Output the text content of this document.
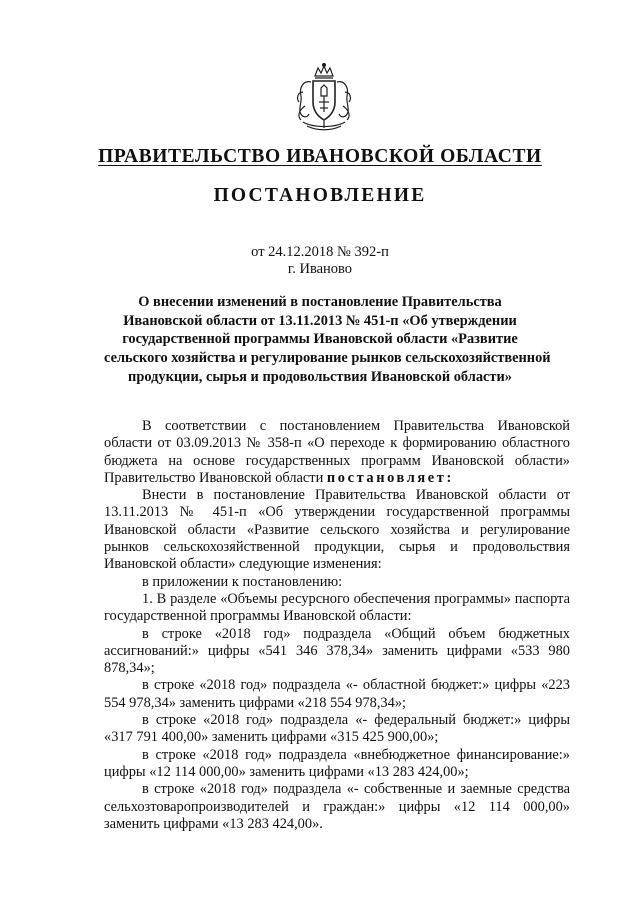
ПРАВИТЕЛЬСТВО ИВАНОВСКОЙ ОБЛАСТИ
ПОСТАНОВЛЕНИЕ
от 24.12.2018 № 392-п
г. Иваново
О внесении изменений в постановление Правительства
Ивановской области от 13.11.2013 № 451-п «Об утверждении
государственной программы Ивановской области «Развитие
сельского хозяйства и регулирование рынков сельскохозяйственной
продукции, сырья и продовольствия Ивановской области»

В соответствии с постановлением Правительства Ивановской области от 03.09.2013 № 358-п «О переходе к формированию областного бюджета на основе государственных программ Ивановской области» Правительство Ивановской области постановляет:

Внести в постановление Правительства Ивановской области от 13.11.2013 № 451-п «Об утверждении государственной программы Ивановской области «Развитие сельского хозяйства и регулирование рынков сельскохозяйственной продукции, сырья и продовольствия Ивановской области» следующие изменения:

в приложении к постановлению:

1. В разделе «Объемы ресурсного обеспечения программы» паспорта государственной программы Ивановской области:

в строке «2018 год» подраздела «Общий объем бюджетных ассигнований:» цифры «541 346 378,34» заменить цифрами «533 980 878,34»;

в строке «2018 год» подраздела «- областной бюджет:» цифры «223 554 978,34» заменить цифрами «218 554 978,34»;

в строке «2018 год» подраздела «- федеральный бюджет:» цифры «317 791 400,00» заменить цифрами «315 425 900,00»;

в строке «2018 год» подраздела «внебюджетное финансирование:» цифры «12 114 000,00» заменить цифрами «13 283 424,00»;

в строке «2018 год» подраздела «- собственные и заемные средства сельхозтоваропроизводителей и граждан:» цифры «12 114 000,00» заменить цифрами «13 283 424,00».
